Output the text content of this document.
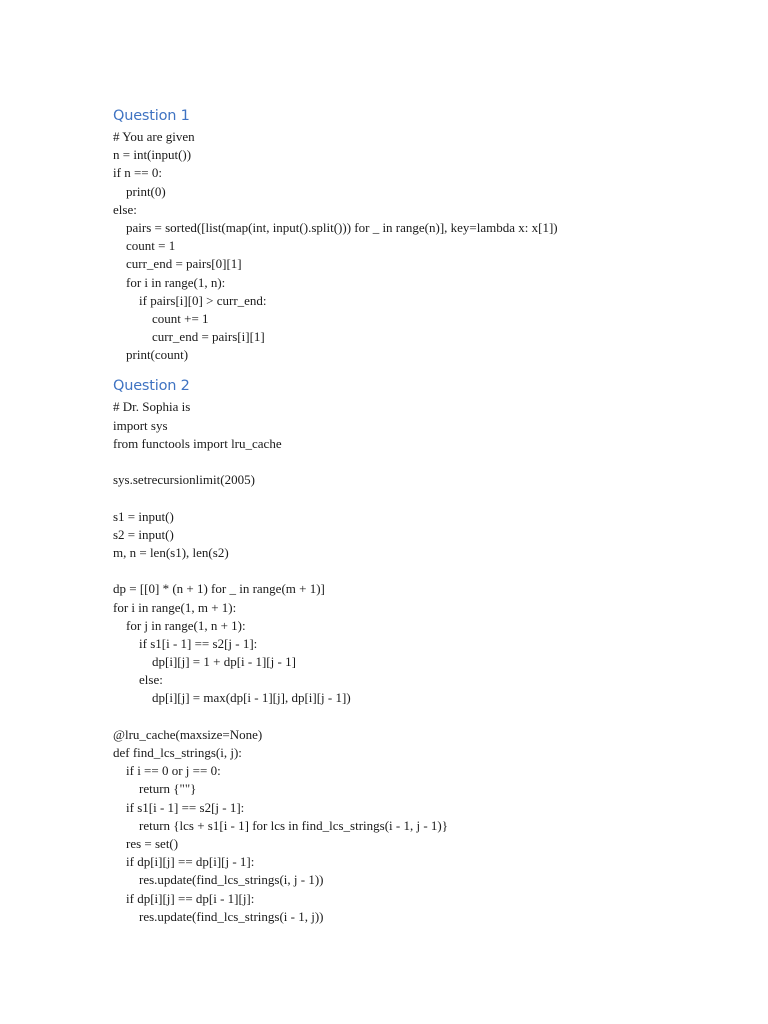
Question 1
# You are given
n = int(input())
if n == 0:
print(0)
else:
pairs = sorted([list(map(int, input().split())) for _ in range(n)], key=lambda x: x[1])
count = 1
curr_end = pairs[0][1]
for i in range(1, n):
if pairs[i][0] > curr_end:
count += 1
curr_end = pairs[i][1]
print(count)
Question 2
# Dr. Sophia is
import sys
from functools import lru_cache
sys.setrecursionlimit(2005)
s1 = input()
s2 = input()
m, n = len(s1), len(s2)
dp = [[0] * (n + 1) for _ in range(m + 1)]
for i in range(1, m + 1):
for j in range(1, n + 1):
if s1[i - 1] == s2[j - 1]:
dp[i][j] = 1 + dp[i - 1][j - 1]
else:
dp[i][j] = max(dp[i - 1][j], dp[i][j - 1])
@lru_cache(maxsize=None)
def find_lcs_strings(i, j):
if i == 0 or j == 0:
return {""}
if s1[i - 1] == s2[j - 1]:
return {lcs + s1[i - 1] for lcs in find_lcs_strings(i - 1, j - 1)}
res = set()
if dp[i][j] == dp[i][j - 1]:
res.update(find_lcs_strings(i, j - 1))
if dp[i][j] == dp[i - 1][j]:
res.update(find_lcs_strings(i - 1, j))
